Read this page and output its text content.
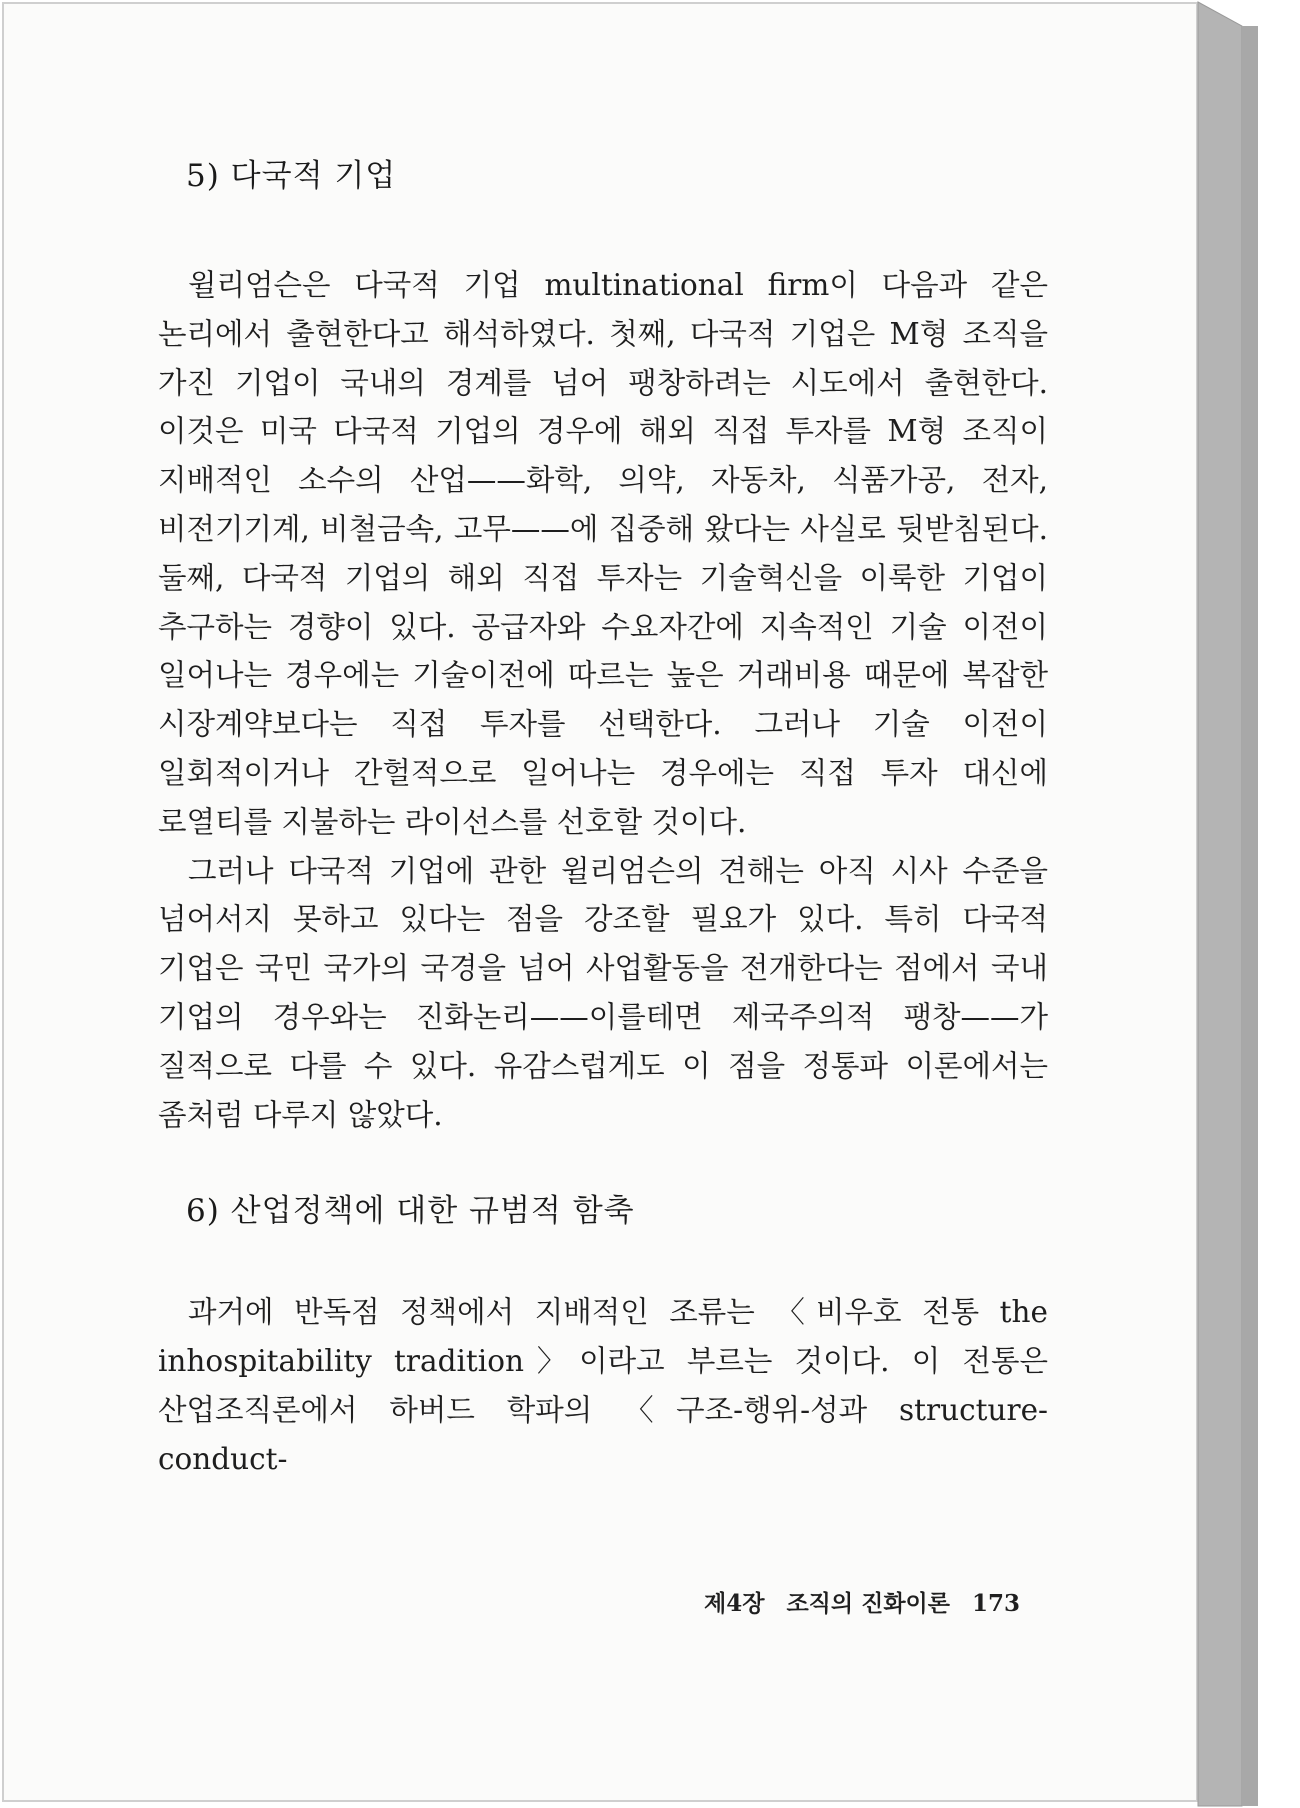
5) 다국적 기업

윌리엄슨은 다국적 기업 multinational firm이 다음과 같은 논리에서 출현한다고 해석하였다. 첫째, 다국적 기업은 M형 조직을 가진 기업이 국내의 경계를 넘어 팽창하려는 시도에서 출현한다. 이것은 미국 다국적 기업의 경우에 해외 직접 투자를 M형 조직이 지배적인 소수의 산업——화학, 의약, 자동차, 식품가공, 전자, 비전기기계, 비철금속, 고무——에 집중해 왔다는 사실로 뒷받침된다. 둘째, 다국적 기업의 해외 직접 투자는 기술혁신을 이룩한 기업이 추구하는 경향이 있다. 공급자와 수요자간에 지속적인 기술 이전이 일어나는 경우에는 기술이전에 따르는 높은 거래비용 때문에 복잡한 시장계약보다는 직접 투자를 선택한다. 그러나 기술 이전이 일회적이거나 간헐적으로 일어나는 경우에는 직접 투자 대신에 로열티를 지불하는 라이선스를 선호할 것이다.

그러나 다국적 기업에 관한 윌리엄슨의 견해는 아직 시사 수준을 넘어서지 못하고 있다는 점을 강조할 필요가 있다. 특히 다국적 기업은 국민 국가의 국경을 넘어 사업활동을 전개한다는 점에서 국내 기업의 경우와는 진화논리——이를테면 제국주의적 팽창——가 질적으로 다를 수 있다. 유감스럽게도 이 점을 정통파 이론에서는 좀처럼 다루지 않았다.

6) 산업정책에 대한 규범적 함축

과거에 반독점 정책에서 지배적인 조류는 〈비우호 전통 the inhospitability tradition〉이라고 부르는 것이다. 이 전통은 산업조직론에서 하버드 학파의 〈구조-행위-성과 structure-conduct-

제4장 조직의 진화이론 173
